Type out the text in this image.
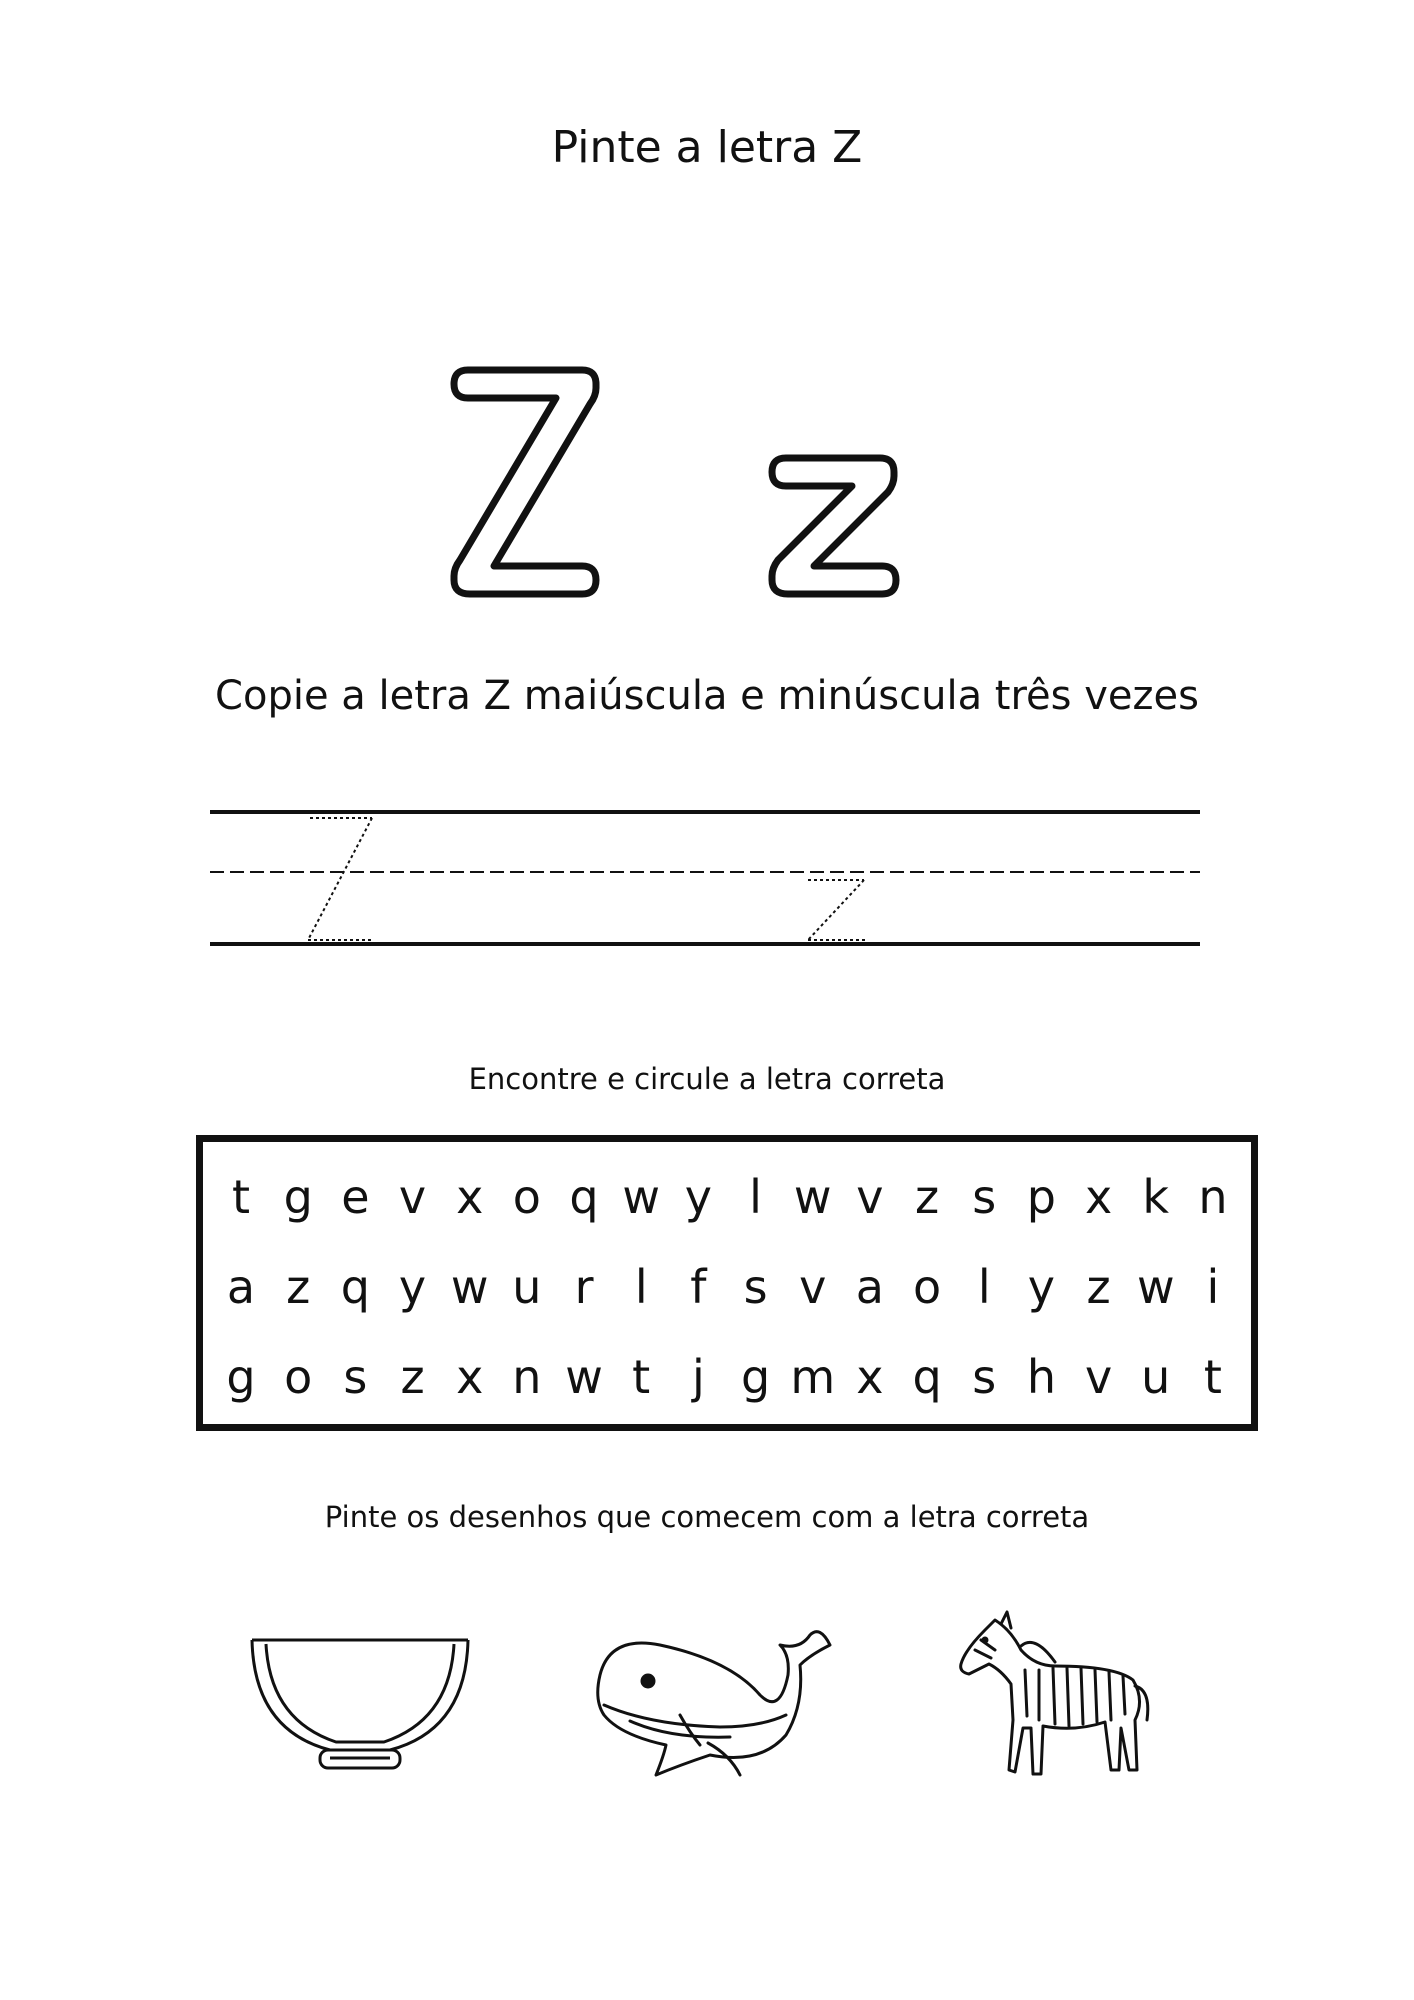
Pinte a letra Z
Copie a letra Z maiúscula e minúscula três vezes
Encontre e circule a letra correta
t g e v x o q w y l w v z s p x k n
a z q y w u r l f s v a o l y z w i
g o s z x n w t j g m x q s h v u t
Pinte os desenhos que comecem com a letra correta
